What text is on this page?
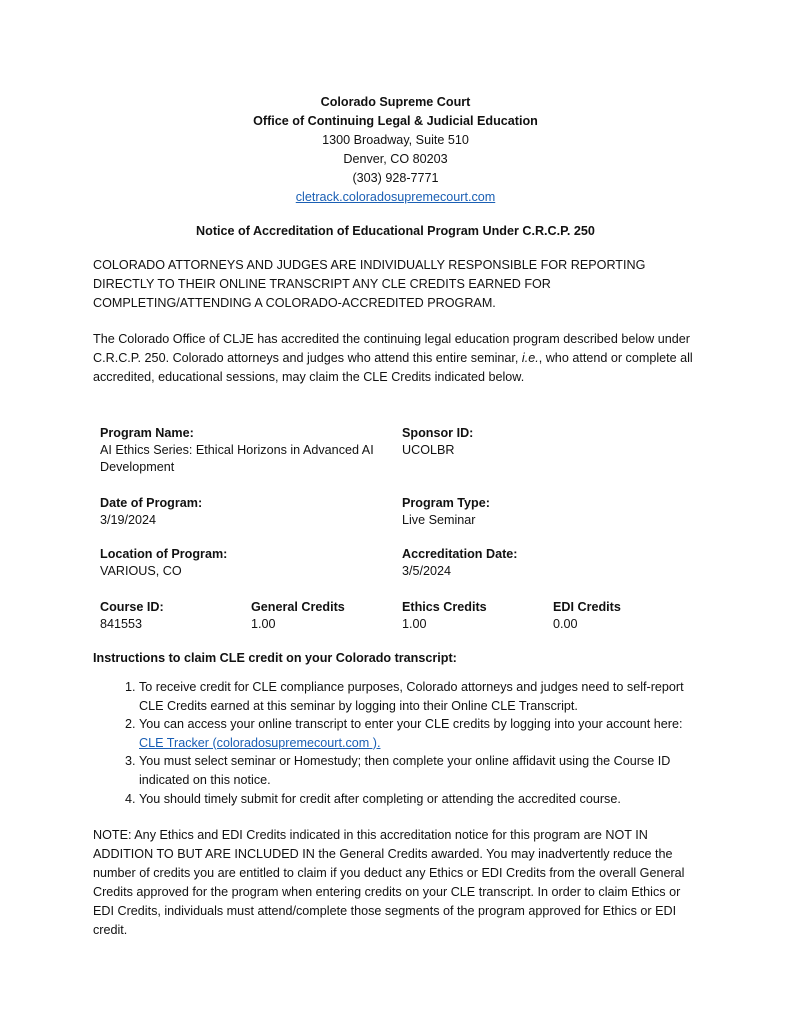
Colorado Supreme Court
Office of Continuing Legal & Judicial Education
1300 Broadway, Suite 510
Denver, CO 80203
(303) 928-7771
cletrack.coloradosupremecourt.com
Notice of Accreditation of Educational Program Under C.R.C.P. 250
COLORADO ATTORNEYS AND JUDGES ARE INDIVIDUALLY RESPONSIBLE FOR REPORTING DIRECTLY TO THEIR ONLINE TRANSCRIPT ANY CLE CREDITS EARNED FOR COMPLETING/ATTENDING A COLORADO-ACCREDITED PROGRAM.
The Colorado Office of CLJE has accredited the continuing legal education program described below under C.R.C.P. 250. Colorado attorneys and judges who attend this entire seminar, i.e., who attend or complete all accredited, educational sessions, may claim the CLE Credits indicated below.
Program Name:
AI Ethics Series: Ethical Horizons in Advanced AI Development
Sponsor ID:
UCOLBR
Date of Program:
3/19/2024
Program Type:
Live Seminar
Location of Program:
VARIOUS, CO
Accreditation Date:
3/5/2024
Course ID:
841553
General Credits
1.00
Ethics Credits
1.00
EDI Credits
0.00
Instructions to claim CLE credit on your Colorado transcript:
1. To receive credit for CLE compliance purposes, Colorado attorneys and judges need to self-report CLE Credits earned at this seminar by logging into their Online CLE Transcript.
2. You can access your online transcript to enter your CLE credits by logging into your account here: CLE Tracker (coloradosupremecourt.com ).
3. You must select seminar or Homestudy; then complete your online affidavit using the Course ID indicated on this notice.
4. You should timely submit for credit after completing or attending the accredited course.
NOTE: Any Ethics and EDI Credits indicated in this accreditation notice for this program are NOT IN ADDITION TO BUT ARE INCLUDED IN the General Credits awarded. You may inadvertently reduce the number of credits you are entitled to claim if you deduct any Ethics or EDI Credits from the overall General Credits approved for the program when entering credits on your CLE transcript. In order to claim Ethics or EDI Credits, individuals must attend/complete those segments of the program approved for Ethics or EDI credit.
